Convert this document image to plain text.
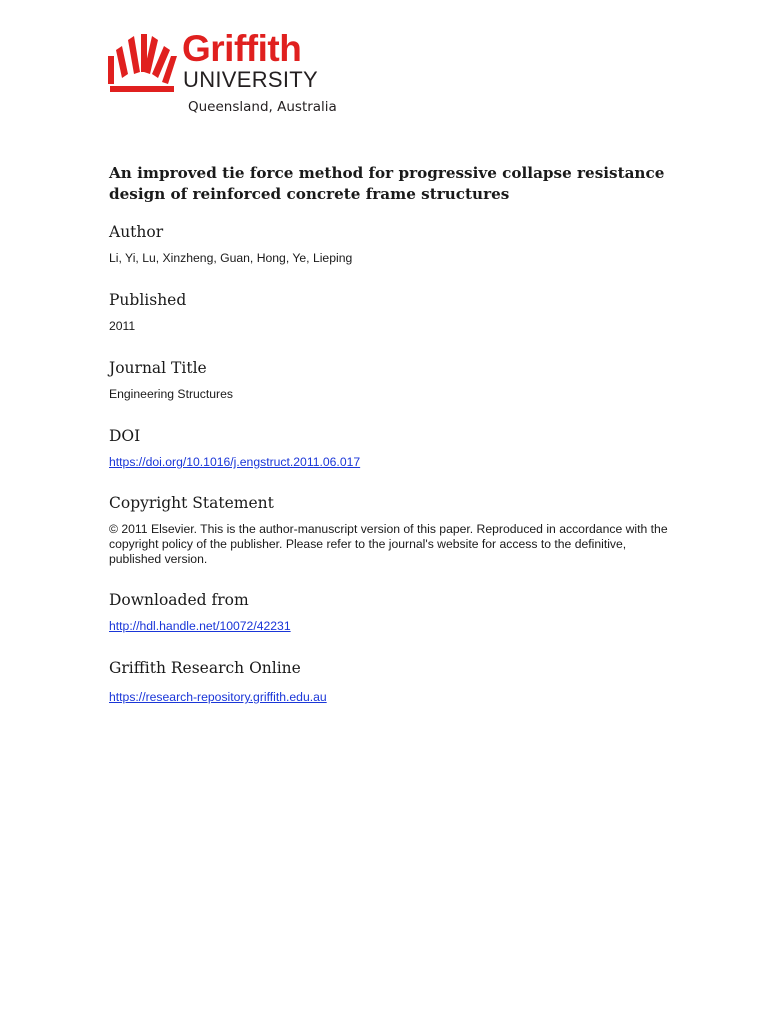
Griffith
UNIVERSITY
Queensland, Australia
An improved tie force method for progressive collapse resistance design of reinforced concrete frame structures
Author

Li, Yi, Lu, Xinzheng, Guan, Hong, Ye, Lieping

Published

2011

Journal Title

Engineering Structures

DOI
https://doi.org/10.1016/j.engstruct.2011.06.017
Copyright Statement

© 2011 Elsevier. This is the author-manuscript version of this paper. Reproduced in accordance with the copyright policy of the publisher. Please refer to the journal's website for access to the definitive, published version.

Downloaded from
http://hdl.handle.net/10072/42231
Griffith Research Online
https://research-repository.griffith.edu.au
